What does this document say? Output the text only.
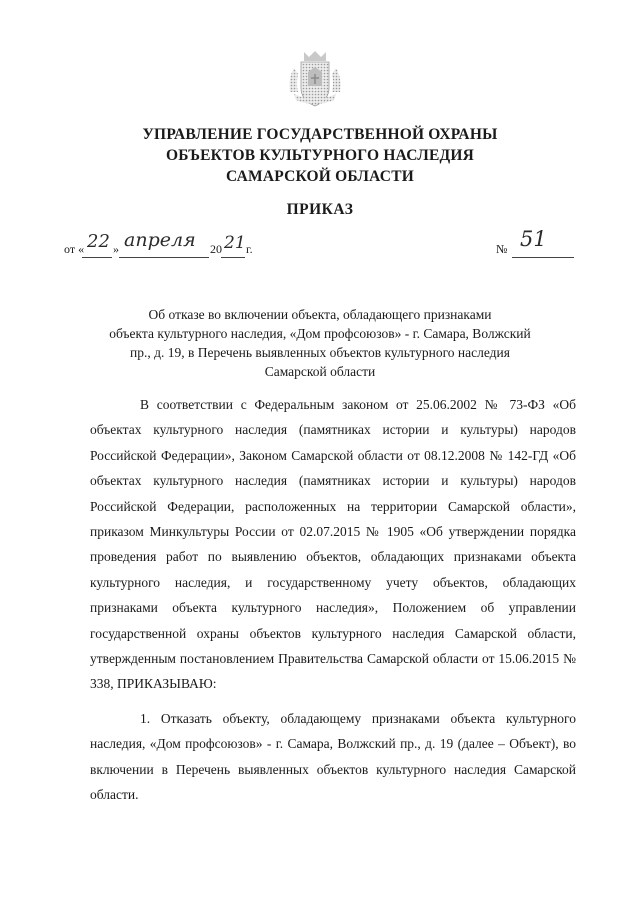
УПРАВЛЕНИЕ ГОСУДАРСТВЕННОЙ ОХРАНЫ
ОБЪЕКТОВ КУЛЬТУРНОГО НАСЛЕДИЯ
САМАРСКОЙ ОБЛАСТИ
ПРИКАЗ
от « 22 » апреля 20 21 г.	№ 51
Об отказе во включении объекта, обладающего признаками
объекта культурного наследия, «Дом профсоюзов» - г. Самара, Волжский
пр., д. 19, в Перечень выявленных объектов культурного наследия
Самарской области

В соответствии с Федеральным законом от 25.06.2002 № 73-ФЗ «Об объектах культурного наследия (памятниках истории и культуры) народов Российской Федерации», Законом Самарской области от 08.12.2008 № 142-ГД «Об объектах культурного наследия (памятниках истории и культуры) народов Российской Федерации, расположенных на территории Самарской области», приказом Минкультуры России от 02.07.2015 № 1905 «Об утверждении порядка проведения работ по выявлению объектов, обладающих признаками объекта культурного наследия, и государственному учету объектов, обладающих признаками объекта культурного наследия», Положением об управлении государственной охраны объектов культурного наследия Самарской области, утвержденным постановлением Правительства Самарской области от 15.06.2015 № 338, ПРИКАЗЫВАЮ:

1. Отказать объекту, обладающему признаками объекта культурного наследия, «Дом профсоюзов» - г. Самара, Волжский пр., д. 19 (далее – Объект), во включении в Перечень выявленных объектов культурного наследия Самарской области.
